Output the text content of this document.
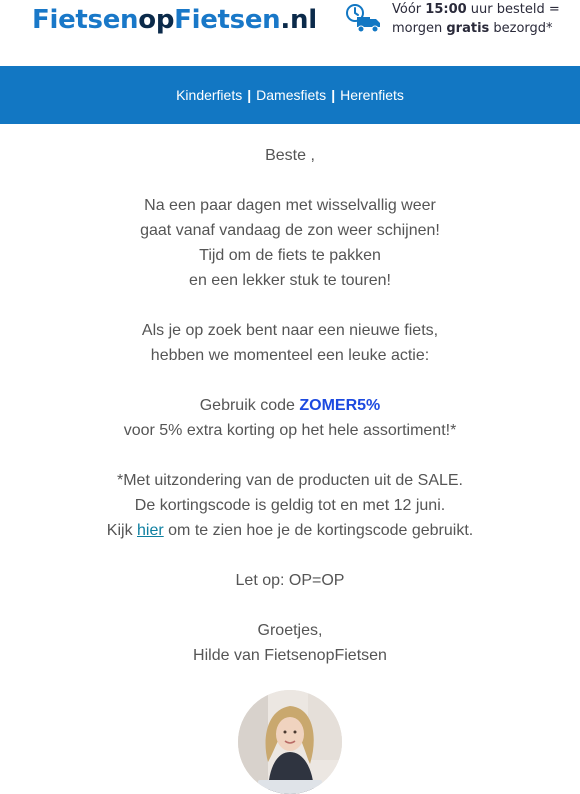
FietsenopFietsen.nl	Vóór 15:00 uur besteld =
morgen gratis bezorgd*
Kinderfiets | Damesfiets | Herenfiets

Beste ,

Na een paar dagen met wisselvallig weer

gaat vanaf vandaag de zon weer schijnen!

Tijd om de fiets te pakken

en een lekker stuk te touren!

Als je op zoek bent naar een nieuwe fiets,

hebben we momenteel een leuke actie:

Gebruik code ZOMER5%

voor 5% extra korting op het hele assortiment!*

*Met uitzondering van de producten uit de SALE.

De kortingscode is geldig tot en met 12 juni.

Kijk hier om te zien hoe je de kortingscode gebruikt.

Let op: OP=OP

Groetjes,

Hilde van FietsenopFietsen
